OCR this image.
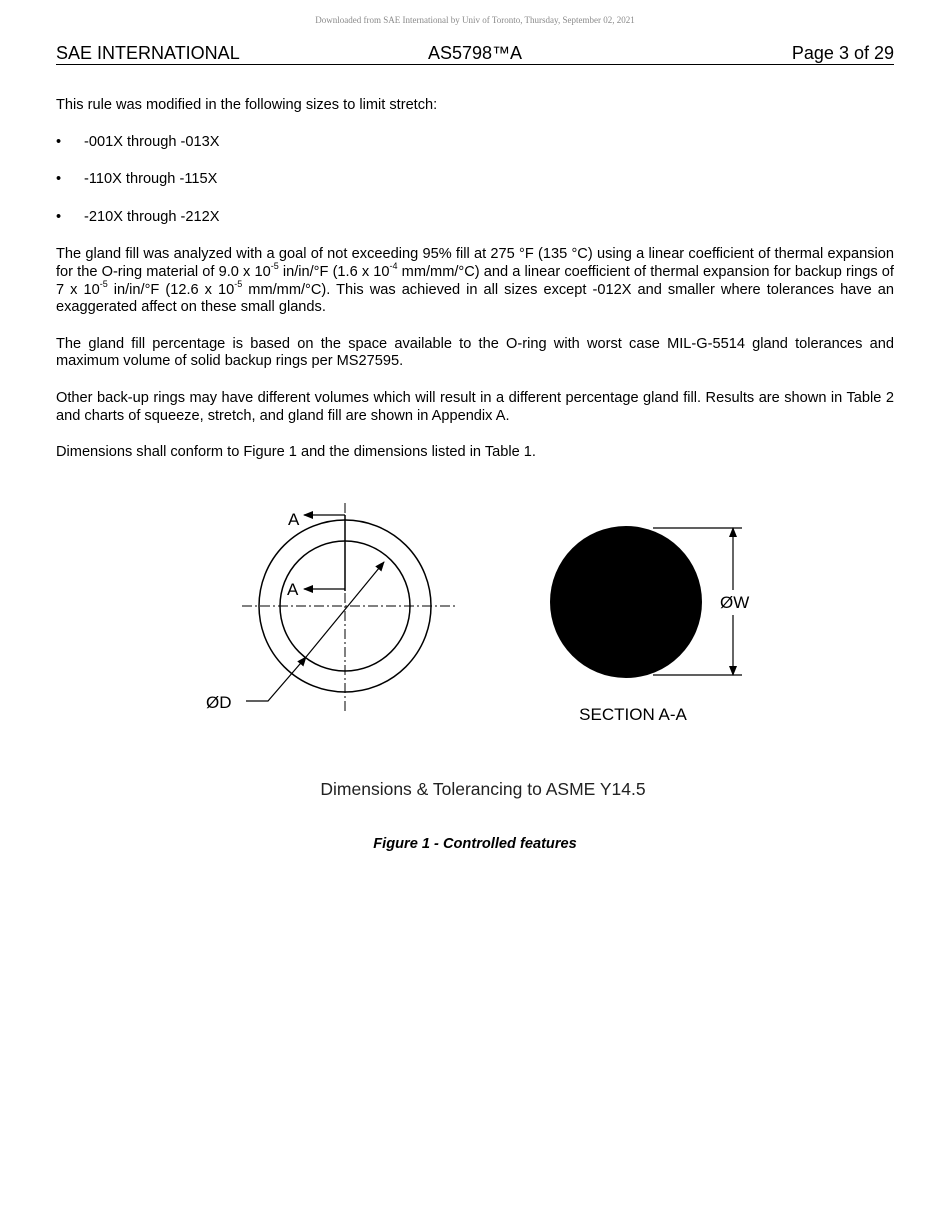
Downloaded from SAE International by Univ of Toronto, Thursday, September 02, 2021
SAE INTERNATIONAL	AS5798™A	Page 3 of 29

This rule was modified in the following sizes to limit stretch:

• -001X through -013X
• -110X through -115X
• -210X through -212X

The gland fill was analyzed with a goal of not exceeding 95% fill at 275 °F (135 °C) using a linear coefficient of thermal expansion for the O-ring material of 9.0 x $10^{-5}$ in/in/°F (1.6 x $10^{-4}$ mm/mm/°C) and a linear coefficient of thermal expansion for backup rings of 7 x $10^{-5}$ in/in/°F (12.6 x $10^{-5}$ mm/mm/°C). This was achieved in all sizes except -012X and smaller where tolerances have an exaggerated affect on these small glands.

The gland fill percentage is based on the space available to the O-ring with worst case MIL-G-5514 gland tolerances and maximum volume of solid backup rings per MS27595.

Other back-up rings may have different volumes which will result in a different percentage gland fill. Results are shown in Table 2 and charts of squeeze, stretch, and gland fill are shown in Appendix A.

Dimensions shall conform to Figure 1 and the dimensions listed in Table 1.

A
A
ØD
ØW
SECTION A-A
Dimensions & Tolerancing to ASME Y14.5
Figure 1 - Controlled features
